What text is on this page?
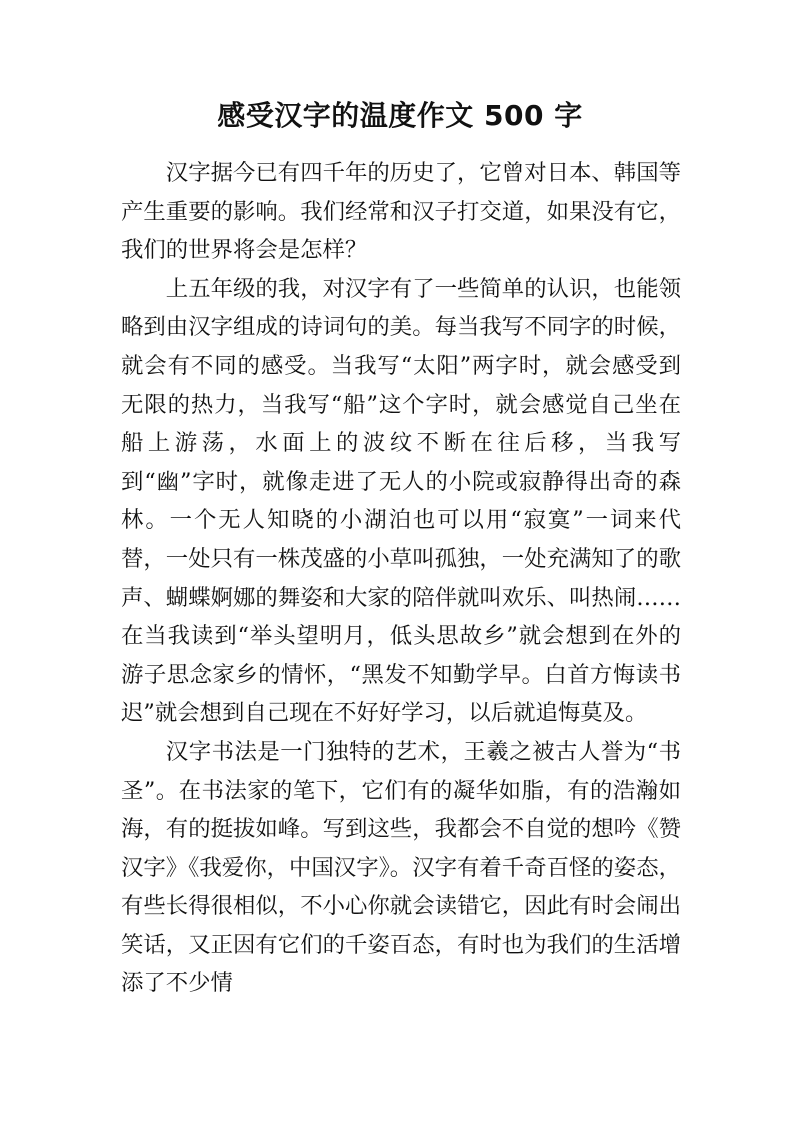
感受汉字的温度作文 500 字

汉字据今已有四千年的历史了，它曾对日本、韩国等产生重要的影响。我们经常和汉子打交道，如果没有它，我们的世界将会是怎样？

上五年级的我，对汉字有了一些简单的认识，也能领略到由汉字组成的诗词句的美。每当我写不同字的时候，就会有不同的感受。当我写“太阳”两字时，就会感受到无限的热力，当我写“船”这个字时，就会感觉自己坐在船上游荡，水面上的波纹不断在往后移，当我写到“幽”字时，就像走进了无人的小院或寂静得出奇的森林。一个无人知晓的小湖泊也可以用“寂寞”一词来代替，一处只有一株茂盛的小草叫孤独，一处充满知了的歌声、蝴蝶婀娜的舞姿和大家的陪伴就叫欢乐、叫热闹……在当我读到“举头望明月，低头思故乡”就会想到在外的游子思念家乡的情怀，“黑发不知勤学早。白首方悔读书迟”就会想到自己现在不好好学习，以后就追悔莫及。

汉字书法是一门独特的艺术，王羲之被古人誉为“书圣”。在书法家的笔下，它们有的凝华如脂，有的浩瀚如海，有的挺拔如峰。写到这些，我都会不自觉的想吟《赞汉字》《我爱你，中国汉字》。汉字有着千奇百怪的姿态，有些长得很相似，不小心你就会读错它，因此有时会闹出笑话，又正因有它们的千姿百态，有时也为我们的生活增添了不少情
